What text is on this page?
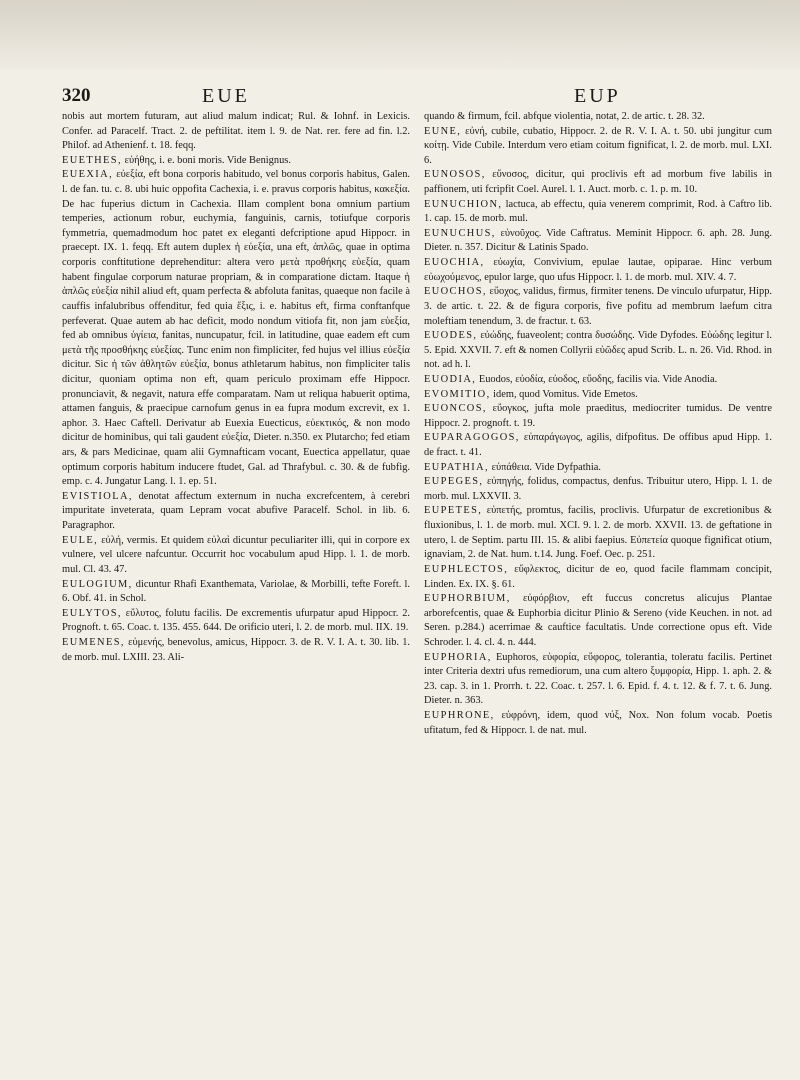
320	EUE	EUP

nobis aut mortem futuram, aut aliud malum indicat; Rul. & Iohnf. in Lexicis. Confer. ad Paracelf. Tract. 2. de peftilitat. item l. 9. de Nat. rer. fere ad fin. l.2. Philof. ad Athenienf. t. 18. feqq.

EUETHES, εὐήθης, i. e. boni moris. Vide Benignus.

EUEXIA, εὐεξία, eft bona corporis habitudo, vel bonus corporis habitus, Galen. l. de fan. tu. c. 8. ubi huic oppofita Cachexia, i. e. pravus corporis habitus, κακεξία. De hac fuperius dictum in Cachexia. Illam complent bona omnium partium temperies, actionum robur, euchymia, fanguinis, carnis, totiufque corporis fymmetria, quemadmodum hoc patet ex eleganti defcriptione apud Hippocr. in praecept. IX. 1. feqq. Eft autem duplex ἡ εὐεξία, una eft, ἁπλῶς, quae in optima corporis conftitutione deprehenditur: altera vero μετὰ προθήκης εὐεξία, quam habent fingulae corporum naturae propriam, & in comparatione dictam. Itaque ἡ ἁπλῶς εὐεξία nihil aliud eft, quam perfecta & abfoluta fanitas, quaeque non facile à cauffis infalubribus offenditur, fed quia ἕξις, i. e. habitus eft, firma conftanfque perfeverat. Quae autem ab hac deficit, modo nondum vitiofa fit, non jam εὐεξία, fed ab omnibus ὑγίεια, fanitas, nuncupatur, fcil. in latitudine, quae eadem eft cum μετὰ τῆς προσθήκης εὐεξίας. Tunc enim non fimpliciter, fed hujus vel illius εὐεξία dicitur. Sic ἡ τῶν ἀθλητῶν εὐεξία, bonus athletarum habitus, non fimpliciter talis dicitur, quoniam optima non eft, quam periculo proximam effe Hippocr. pronunciavit, & negavit, natura effe comparatam. Nam ut reliqua habuerit optima, attamen fanguis, & praecipue carnofum genus in ea fupra modum excrevit, ex 1. aphor. 3. Haec Caftell. Derivatur ab Euexia Euecticus, εὐεκτικός, & non modo dicitur de hominibus, qui tali gaudent εὐεξία, Dieter. n.350. ex Plutarcho; fed etiam ars, & pars Medicinae, quam alii Gymnafticam vocant, Euectica appellatur, quae optimum corporis habitum inducere ftudet, Gal. ad Thrafybul. c. 30. & de fubfig. emp. c. 4. Jungatur Lang. l. 1. ep. 51.

EVISTIOLA, denotat affectum externum in nucha excrefcentem, à cerebri impuritate inveterata, quam Lepram vocat abufive Paracelf. Schol. in lib. 6. Paragraphor.

EULE, εὐλή, vermis. Et quidem εὐλαὶ dicuntur peculiariter illi, qui in corpore ex vulnere, vel ulcere nafcuntur. Occurrit hoc vocabulum apud Hipp. l. 1. de morb. mul. Cl. 43. 47.

EULOGIUM, dicuntur Rhafi Exanthemata, Variolae, & Morbilli, tefte Foreft. l. 6. Obf. 41. in Schol.

EULYTOS, εὔλυτος, folutu facilis. De excrementis ufurpatur apud Hippocr. 2. Prognoft. t. 65. Coac. t. 135. 455. 644. De orificio uteri, l. 2. de morb. mul. IIX. 19.

EUMENES, εὐμενής, benevolus, amicus, Hippocr. 3. de R. V. I. A. t. 30. lib. 1. de morb. mul. LXIII. 23. Ali-

quando & firmum, fcil. abfque violentia, notat, 2. de artic. t. 28. 32.

EUNE, εὐνή, cubile, cubatio, Hippocr. 2. de R. V. I. A. t. 50. ubi jungitur cum κοίτῃ. Vide Cubile. Interdum vero etiam coitum fignificat, l. 2. de morb. mul. LXI. 6.

EUNOSOS, εὔνοσος, dicitur, qui proclivis eft ad morbum five labilis in paffionem, uti fcripfit Coel. Aurel. l. 1. Auct. morb. c. 1. p. m. 10.

EUNUCHION, lactuca, ab effectu, quia venerem comprimit, Rod. à Caftro lib. 1. cap. 15. de morb. mul.

EUNUCHUS, εὐνοῦχος. Vide Caftratus. Meminit Hippocr. 6. aph. 28. Jung. Dieter. n. 357. Dicitur & Latinis Spado.

EUOCHIA, εὐωχία, Convivium, epulae lautae, opiparae. Hinc verbum εὐωχούμενος, epulor large, quo ufus Hippocr. l. 1. de morb. mul. XIV. 4. 7.

EUOCHOS, εὔοχος, validus, firmus, firmiter tenens. De vinculo ufurpatur, Hipp. 3. de artic. t. 22. & de figura corporis, five pofitu ad membrum laefum citra moleftiam tenendum, 3. de fractur. t. 63.

EUODES, εὐώδης, fuaveolent; contra δυσώδης. Vide Dyfodes. Εὐώδης legitur l. 5. Epid. XXVII. 7. eft & nomen Collyrii εὐῶδες apud Scrib. L. n. 26. Vid. Rhod. in not. ad h. l.

EUODIA, Euodos, εὐοδία, εὐοδος, εὔοδης, facilis via. Vide Anodia.

EVOMITIO, idem, quod Vomitus. Vide Emetos.

EUONCOS, εὔογκος, jufta mole praeditus, mediocriter tumidus. De ventre Hippocr. 2. prognoft. t. 19.

EUPARAGOGOS, εὐπαράγωγος, agilis, difpofitus. De offibus apud Hipp. 1. de fract. t. 41.

EUPATHIA, εὐπάθεια. Vide Dyfpathia.

EUPEGES, εὐπηγής, folidus, compactus, denfus. Tribuitur utero, Hipp. l. 1. de morb. mul. LXXVII. 3.

EUPETES, εὐπετής, promtus, facilis, proclivis. Ufurpatur de excretionibus & fluxionibus, l. 1. de morb. mul. XCI. 9. l. 2. de morb. XXVII. 13. de geftatione in utero, l. de Septim. partu III. 15. & alibi faepius. Εὐπετεία quoque fignificat otium, ignaviam, 2. de Nat. hum. t.14. Jung. Foef. Oec. p. 251.

EUPHLECTOS, εὔφλεκτος, dicitur de eo, quod facile flammam concipit, Linden. Ex. IX. §. 61.

EUPHORBIUM, εὐφόρβιον, eft fuccus concretus alicujus Plantae arborefcentis, quae & Euphorbia dicitur Plinio & Sereno (vide Keuchen. in not. ad Seren. p.284.) acerrimae & cauftice facultatis. Unde correctione opus eft. Vide Schroder. l. 4. cl. 4. n. 444.

EUPHORIA, Euphoros, εὐφορία, εὔφορος, tolerantia, toleratu facilis. Pertinet inter Criteria dextri ufus remediorum, una cum altero ξυμφορία, Hipp. 1. aph. 2. & 23. cap. 3. in 1. Prorrh. t. 22. Coac. t. 257. l. 6. Epid. f. 4. t. 12. & f. 7. t. 6. Jung. Dieter. n. 363.

EUPHRONE, εὐφρόνη, idem, quod νύξ, Nox. Non folum vocab. Poetis ufitatum, fed & Hippocr. l. de nat. mul.
